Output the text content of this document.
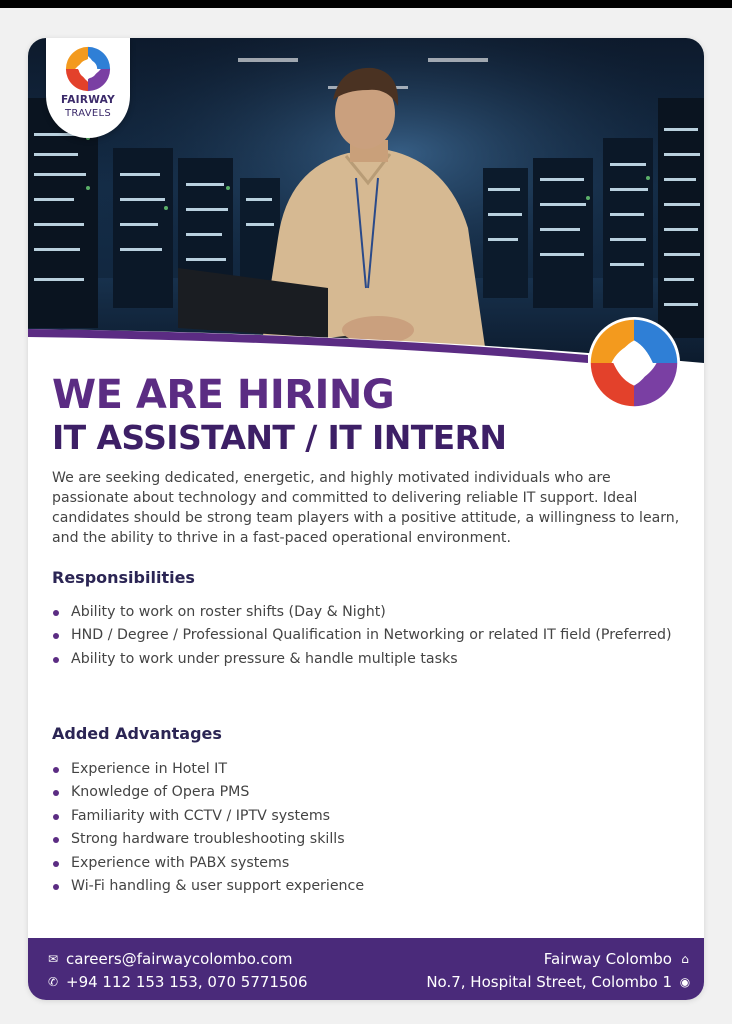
FAIRWAY
TRAVELS
WE ARE HIRING
IT ASSISTANT / IT INTERN

We are seeking dedicated, energetic, and highly motivated individuals who are passionate about technology and committed to delivering reliable IT support. Ideal candidates should be strong team players with a positive attitude, a willingness to learn, and the ability to thrive in a fast-paced operational environment.

Responsibilities
Ability to work on roster shifts (Day & Night)
HND / Degree / Professional Qualification in Networking or related IT field (Preferred)
Ability to work under pressure & handle multiple tasks
Added Advantages
Experience in Hotel IT
Knowledge of Opera PMS
Familiarity with CCTV / IPTV systems
Strong hardware troubleshooting skills
Experience with PABX systems
Wi-Fi handling & user support experience
✉ careers@fairwaycolombo.com
✆ +94 112 153 153, 070 5771506
Fairway Colombo ⌂
No.7, Hospital Street, Colombo 1 ◉
